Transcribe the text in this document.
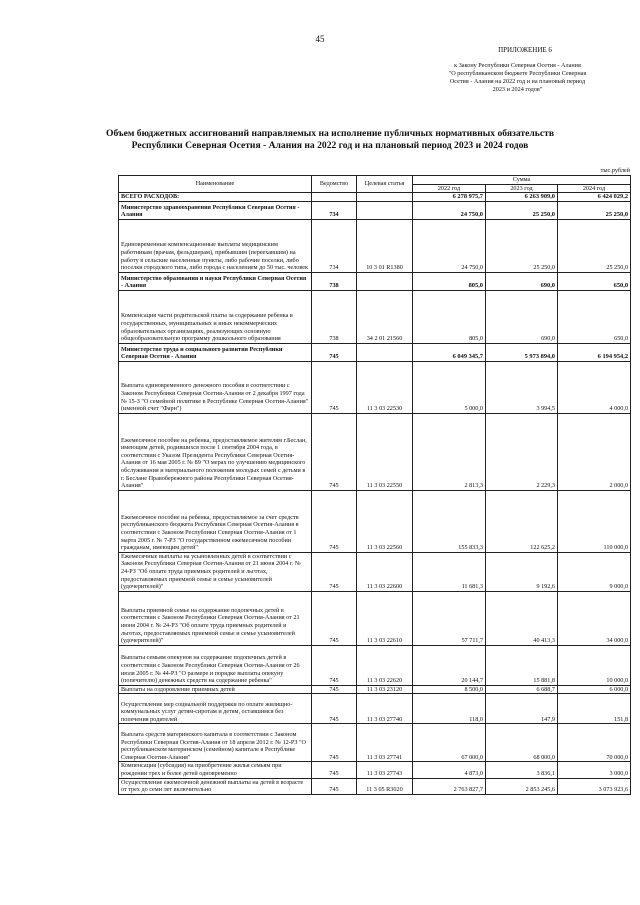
45
ПРИЛОЖЕНИЕ 6
к Закону Республики Северная Осетия - Алания
"О республиканском бюджете Республики Северная
Осетия - Алания на 2022 год и на плановый период
2023 и 2024 годов"
Объем бюджетных ассигнований направляемых на исполнение публичных нормативных обязательств
Республики Северная Осетия - Алания на 2022 год и на плановый период 2023 и 2024 годов
тыс.рублей
Наименование	Ведомство	Целевая статья	Сумма		
			2022 год	2023 год	2024 год
ВСЕГО РАСХОДОВ:			6 278 975,7	6 263 909,0	6 424 029,2
Министерство здравоохранения Республики Северная Осетия - Алания	734		24 750,0	25 250,0	25 250,0
Единовременные компенсационные выплаты медицинским работникам (врачам, фельдшерам), прибывшим (переехавшим) на работу в сельские населенные пункты, либо рабочие поселки, либо поселки городского типа, либо города с населением до 50 тыс. человек	734	10 3 01 R1380	24 750,0	25 250,0	25 250,0
Министерство образования и науки Республики Северная Осетия - Алания	738		805,0	690,0	650,0
Компенсация части родительской платы за содержание ребенка в государственных, муниципальных и иных некоммерческих образовательных организациях, реализующих основную общеобразовательную программу дошкольного образования	738	34 2 01 21560	805,0	690,0	650,0
Министерство труда и социального развития Республики Северная Осетия - Алания	745		6 049 345,7	5 973 894,0	6 194 954,2
Выплата единовременного денежного пособия в соответствии с Законом Республики Северная Осетия-Алания от 2 декабря 1997 года № 15-З "О семейной политике в Республике Северная Осетия-Алания" (именной счет "Фарн")	745	11 3 03 22530	5 000,0	3 994,5	4 000,0
Ежемесячное пособие на ребенка, предоставляемое жителям г.Беслан, имеющим детей, родившихся после 1 сентября 2004 года, в соответствии с Указом Президента Республики Северная Осетия-Алания от 16 мая 2005 г. № 89 "О мерах по улучшению медицинского обслуживания и материального положения молодых семей с детьми в г. Беслане Правобережного района Республики Северная Осетия-Алания"	745	11 3 03 22550	2 813,3	2 229,3	2 000,0
Ежемесячное пособие на ребенка, предоставляемое за счет средств республиканского бюджета Республики Северная Осетия-Алания в соответствии с Законом Республики Северная Осетия-Алания от 1 марта 2005 г. № 7-РЗ "О государственном ежемесячном пособии гражданам, имеющим детей"	745	11 3 03 22560	155 833,3	122 625,2	110 000,0
Ежемесячные выплаты на усыновленных детей в соответствии с Законом Республики Северная Осетия-Алания от 21 июня 2004 г. № 24-РЗ "Об оплате труда приемных родителей и льготах, предоставляемых приемной семье и семье усыновителей (удочерителей)"	745	11 3 03 22600	11 681,3	9 192,6	9 000,0
Выплаты приемной семье на содержание подопечных детей в соответствии с Законом Республики Северная Осетия-Алания от 21 июня 2004 г. № 24-РЗ "Об оплате труда приемных родителей и льготах, предоставляемых приемной семье и семье усыновителей (удочерителей)"	745	11 3 03 22610	57 711,7	40 413,3	34 000,0
Выплаты семьям опекунов на содержание подопечных детей в соответствии с Законом Республики Северная Осетия-Алания от 26 июля 2005 г. № 44-РЗ "О размере и порядке выплаты опекуну (попечителю) денежных средств на содержание ребенка"	745	11 3 03 22620	20 144,7	15 881,8	10 000,0
Выплаты на оздоровление приемных детей	745	11 3 03 23120	8 500,0	6 688,7	6 000,0
Осуществление мер социальной поддержки по оплате жилищно-коммунальных услуг детям-сиротам и детям, оставшимся без попечения родителей	745	11 3 03 27740	118,0	147,9	151,8
Выплата средств материнского капитала в соответствии с Законом Республики Северная Осетия-Алания от 18 апреля 2012 г. № 12-РЗ "О республиканском материнском (семейном) капитале в Республике Северная Осетия-Алания"	745	11 3 03 27741	67 000,0	68 000,0	70 000,0
Компенсация (субсидия) на приобретение жилья семьям при рождении трех и более детей одновременно	745	11 3 03 27743	4 873,0	3 836,1	3 000,0
Осуществление ежемесячной денежной выплаты на детей в возрасте от трех до семи лет включительно	745	11 3 05 R3020	2 763 827,7	2 853 245,6	3 073 923,6
